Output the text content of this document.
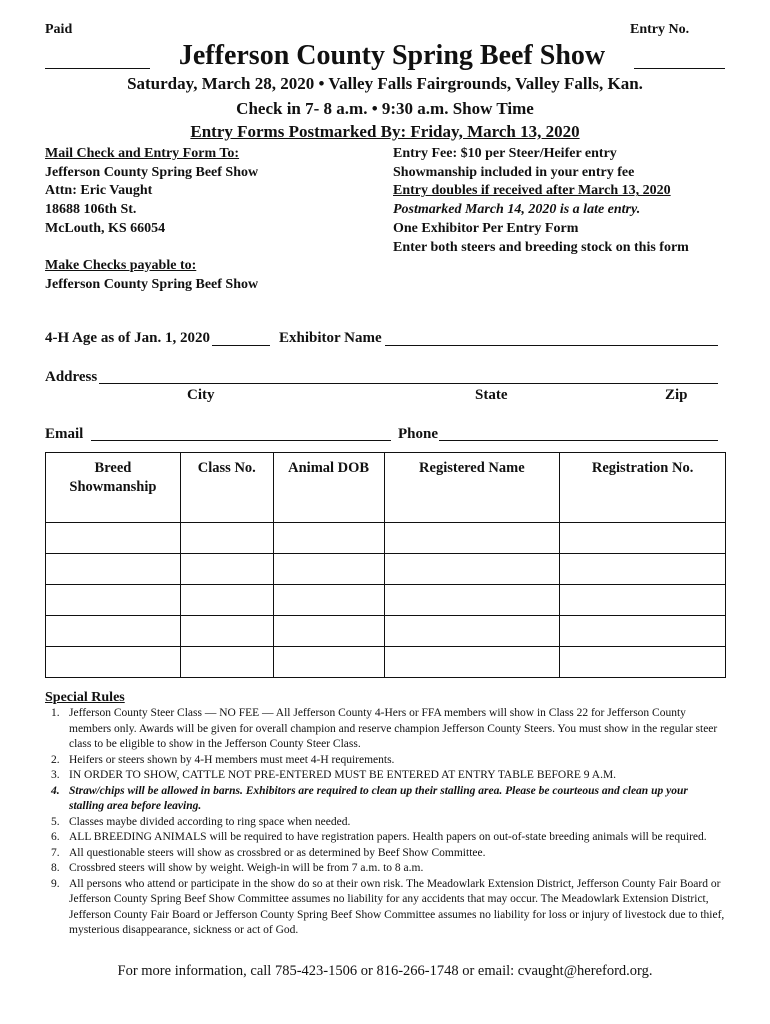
Paid	Entry No.
Jefferson County Spring Beef Show
Saturday, March 28, 2020 • Valley Falls Fairgrounds, Valley Falls, Kan.
Check in 7- 8 a.m. • 9:30 a.m. Show Time
Entry Forms Postmarked By: Friday, March 13, 2020
Mail Check and Entry Form To:
Jefferson County Spring Beef Show
Attn: Eric Vaught
18688 106th St.
McLouth, KS 66054
Make Checks payable to:
Jefferson County Spring Beef Show
Entry Fee: $10 per Steer/Heifer entry
Showmanship included in your entry fee
Entry doubles if received after March 13, 2020
Postmarked March 14, 2020 is a late entry.
One Exhibitor Per Entry Form
Enter both steers and breeding stock on this form
4-H Age as of Jan. 1, 2020	Exhibitor Name
Address
City	State	Zip
Email	Phone
Breed Showmanship	Class No.	Animal DOB	Registered Name	Registration No.

Special Rules
1. Jefferson County Steer Class — NO FEE — All Jefferson County 4-Hers or FFA members will show in Class 22 for Jefferson County members only. Awards will be given for overall champion and reserve champion Jefferson County Steers. You must show in the regular steer class to be eligible to show in the Jefferson County Steer Class.
2. Heifers or steers shown by 4-H members must meet 4-H requirements.
3. IN ORDER TO SHOW, CATTLE NOT PRE-ENTERED MUST BE ENTERED AT ENTRY TABLE BEFORE 9 A.M.
4. Straw/chips will be allowed in barns. Exhibitors are required to clean up their stalling area. Please be courteous and clean up your stalling area before leaving.
5. Classes maybe divided according to ring space when needed.
6. ALL BREEDING ANIMALS will be required to have registration papers. Health papers on out-of-state breeding animals will be required.
7. All questionable steers will show as crossbred or as determined by Beef Show Committee.
8. Crossbred steers will show by weight. Weigh-in will be from 7 a.m. to 8 a.m.
9. All persons who attend or participate in the show do so at their own risk. The Meadowlark Extension District, Jefferson County Fair Board or Jefferson County Spring Beef Show Committee assumes no liability for any accidents that may occur. The Meadowlark Extension District, Jefferson County Fair Board or Jefferson County Spring Beef Show Committee assumes no liability for loss or injury of livestock due to thief, mysterious disappearance, sickness or act of God.
For more information, call 785-423-1506 or 816-266-1748 or email: cvaught@hereford.org.
